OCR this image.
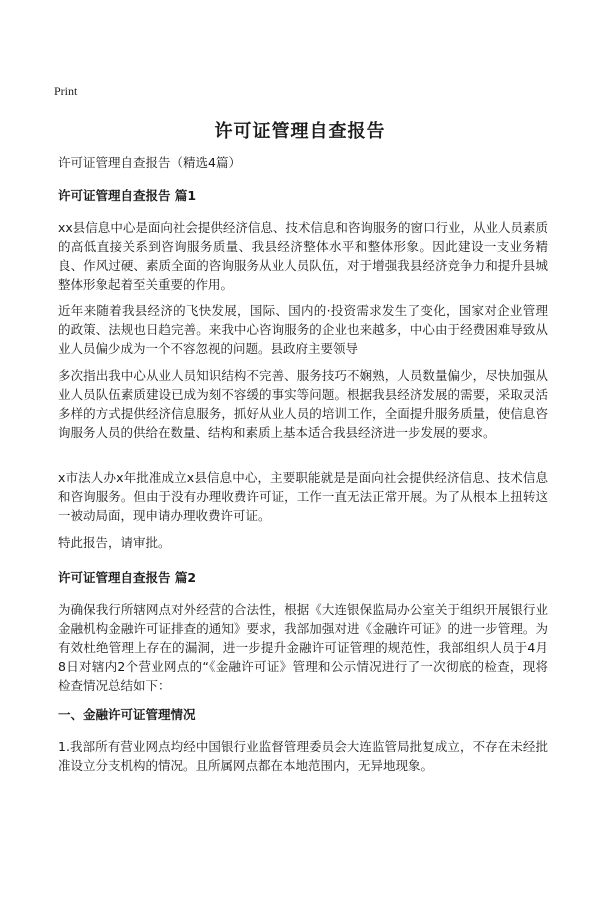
Print
许可证管理自查报告
许可证管理自查报告（精选4篇）
许可证管理自查报告 篇1
xx县信息中心是面向社会提供经济信息、技术信息和咨询服务的窗口行业，从业人员素质的高低直接关系到咨询服务质量、我县经济整体水平和整体形象。因此建设一支业务精良、作风过硬、素质全面的咨询服务从业人员队伍，对于增强我县经济竞争力和提升县城整体形象起着至关重要的作用。
近年来随着我县经济的飞快发展，国际、国内的·投资需求发生了变化，国家对企业管理的政策、法规也日趋完善。来我中心咨询服务的企业也来越多，中心由于经费困难导致从业人员偏少成为一个不容忽视的问题。县政府主要领导
多次指出我中心从业人员知识结构不完善、服务技巧不娴熟，人员数量偏少，尽快加强从业人员队伍素质建设已成为刻不容缓的事实等问题。根据我县经济发展的需要，采取灵活多样的方式提供经济信息服务，抓好从业人员的培训工作，全面提升服务质量，使信息咨询服务人员的供给在数量、结构和素质上基本适合我县经济进一步发展的要求。
x市法人办x年批准成立x县信息中心，主要职能就是是面向社会提供经济信息、技术信息和咨询服务。但由于没有办理收费许可证，工作一直无法正常开展。为了从根本上扭转这一被动局面，现申请办理收费许可证。
特此报告，请审批。
许可证管理自查报告 篇2
为确保我行所辖网点对外经营的合法性，根据《大连银保监局办公室关于组织开展银行业金融机构金融许可证排查的通知》要求，我部加强对进《金融许可证》的进一步管理。为有效杜绝管理上存在的漏洞，进一步提升金融许可证管理的规范性，我部组织人员于4月8日对辖内2个营业网点的“《金融许可证》管理和公示情况进行了一次彻底的检查，现将检查情况总结如下：
一、金融许可证管理情况
1.我部所有营业网点均经中国银行业监督管理委员会大连监管局批复成立，不存在未经批准设立分支机构的情况。且所属网点都在本地范围内，无异地现象。
